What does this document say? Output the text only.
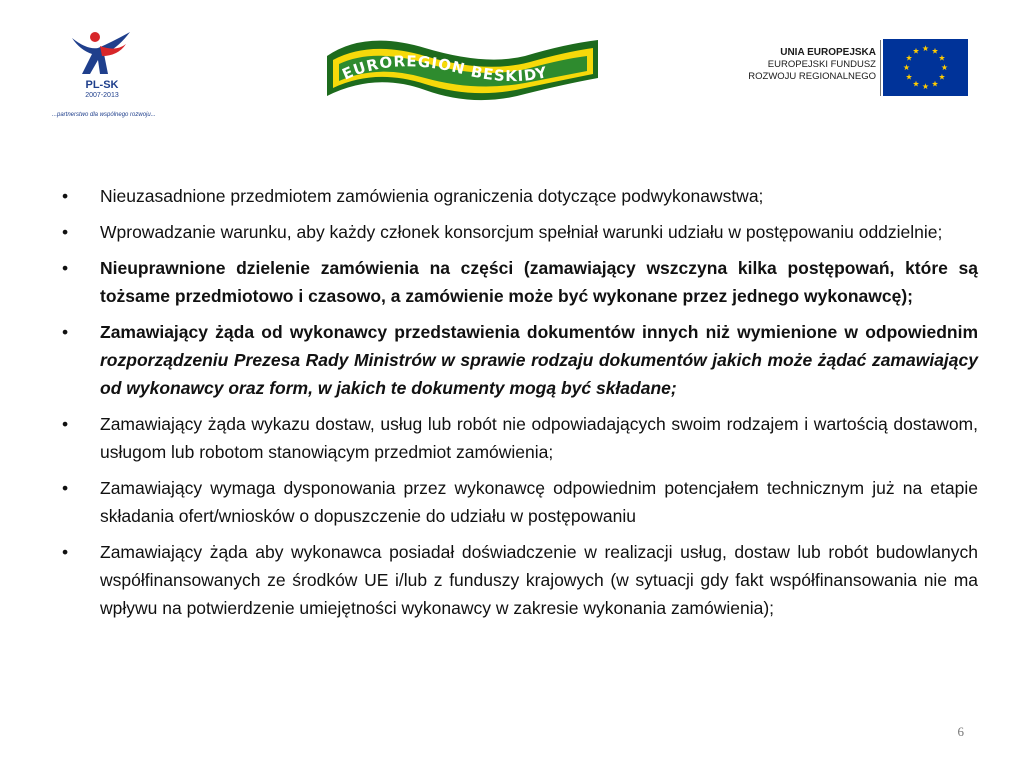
PL-SK
2007-2013
...partnerstwo dla wspólnego rozwoju...
EUROREGION BESKIDY
UNIA EUROPEJSKA
EUROPEJSKI FUNDUSZ
ROZWOJU REGIONALNEGO
• Nieuzasadnione przedmiotem zamówienia ograniczenia dotyczące podwykonawstwa;
• Wprowadzanie warunku, aby każdy członek konsorcjum spełniał warunki udziału w postępowaniu oddzielnie;
• Nieuprawnione dzielenie zamówienia na części (zamawiający wszczyna kilka postępowań, które są tożsame przedmiotowo i czasowo, a zamówienie może być wykonane przez jednego wykonawcę);
• Zamawiający żąda od wykonawcy przedstawienia dokumentów innych niż wymienione w odpowiednim rozporządzeniu Prezesa Rady Ministrów w sprawie rodzaju dokumentów jakich może żądać zamawiający od wykonawcy oraz form, w jakich te dokumenty mogą być składane;
• Zamawiający żąda wykazu dostaw, usług lub robót nie odpowiadających swoim rodzajem i wartością dostawom, usługom lub robotom stanowiącym przedmiot zamówienia;
• Zamawiający wymaga dysponowania przez wykonawcę odpowiednim potencjałem technicznym już na etapie składania ofert/wniosków o dopuszczenie do udziału w postępowaniu
• Zamawiający żąda aby wykonawca posiadał doświadczenie w realizacji usług, dostaw lub robót budowlanych współfinansowanych ze środków UE i/lub z funduszy krajowych (w sytuacji gdy fakt współfinansowania nie ma wpływu na potwierdzenie umiejętności wykonawcy w zakresie wykonania zamówienia);
6
